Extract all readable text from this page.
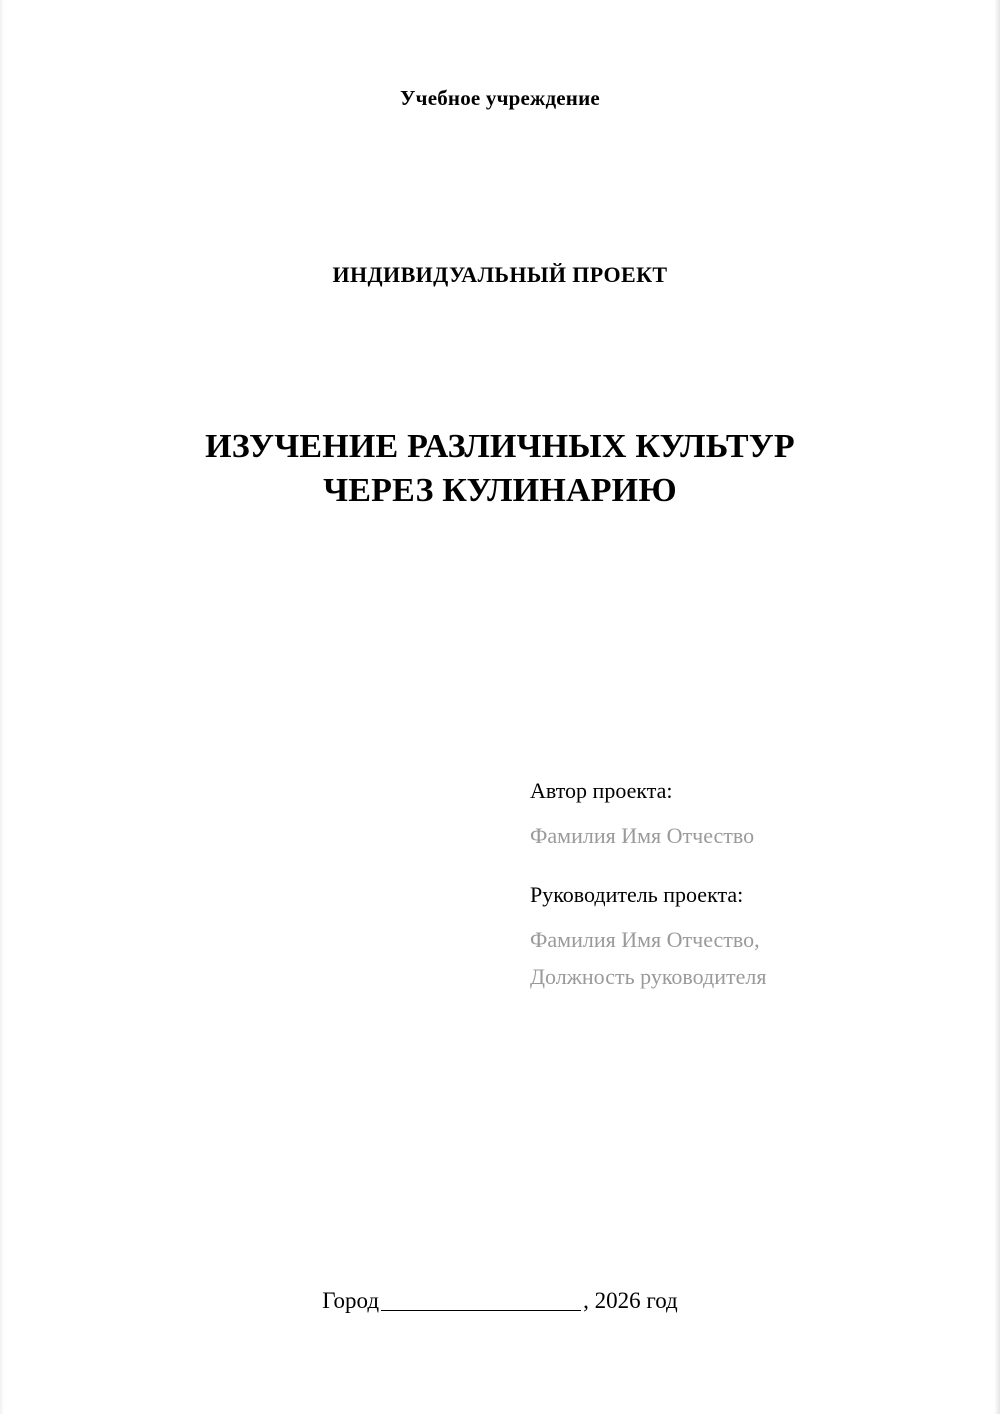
Учебное учреждение
ИНДИВИДУАЛЬНЫЙ ПРОЕКТ
ИЗУЧЕНИЕ РАЗЛИЧНЫХ КУЛЬТУР
ЧЕРЕЗ КУЛИНАРИЮ
Автор проекта:
Фамилия Имя Отчество
Руководитель проекта:
Фамилия Имя Отчество,
Должность руководителя
Город	, 2026 год
